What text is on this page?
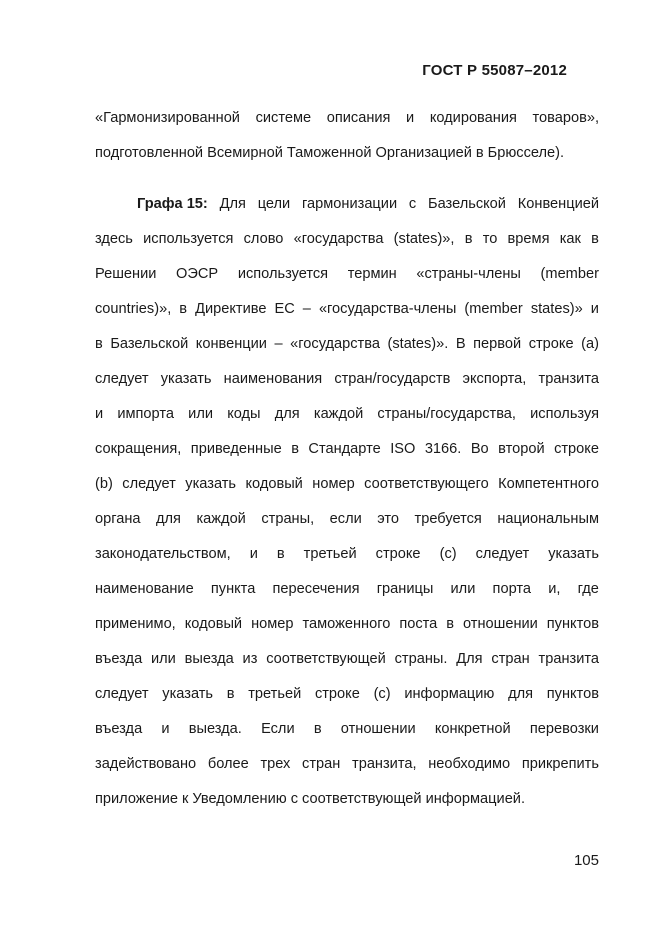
ГОСТ Р 55087–2012
«Гармонизированной системе описания и кодирования товаров»,
подготовленной Всемирной Таможенной Организацией в Брюсселе).
Графа 15: Для цели гармонизации с Базельской Конвенцией
здесь используется слово «государства (states)», в то время как в
Решении ОЭСР используется термин «страны-члены (member
countries)», в Директиве ЕС – «государства-члены (member states)» и
в Базельской конвенции – «государства (states)». В первой строке (a)
следует указать наименования стран/государств экспорта, транзита
и импорта или коды для каждой страны/государства, используя
сокращения, приведенные в Стандарте ISO 3166. Во второй строке
(b) следует указать кодовый номер соответствующего Компетентного
органа для каждой страны, если это требуется национальным
законодательством, и в третьей строке (c) следует указать
наименование пункта пересечения границы или порта и, где
применимо, кодовый номер таможенного поста в отношении пунктов
въезда или выезда из соответствующей страны. Для стран транзита
следует указать в третьей строке (c) информацию для пунктов
въезда и выезда. Если в отношении конкретной перевозки
задействовано более трех стран транзита, необходимо прикрепить
приложение к Уведомлению с соответствующей информацией.
105
